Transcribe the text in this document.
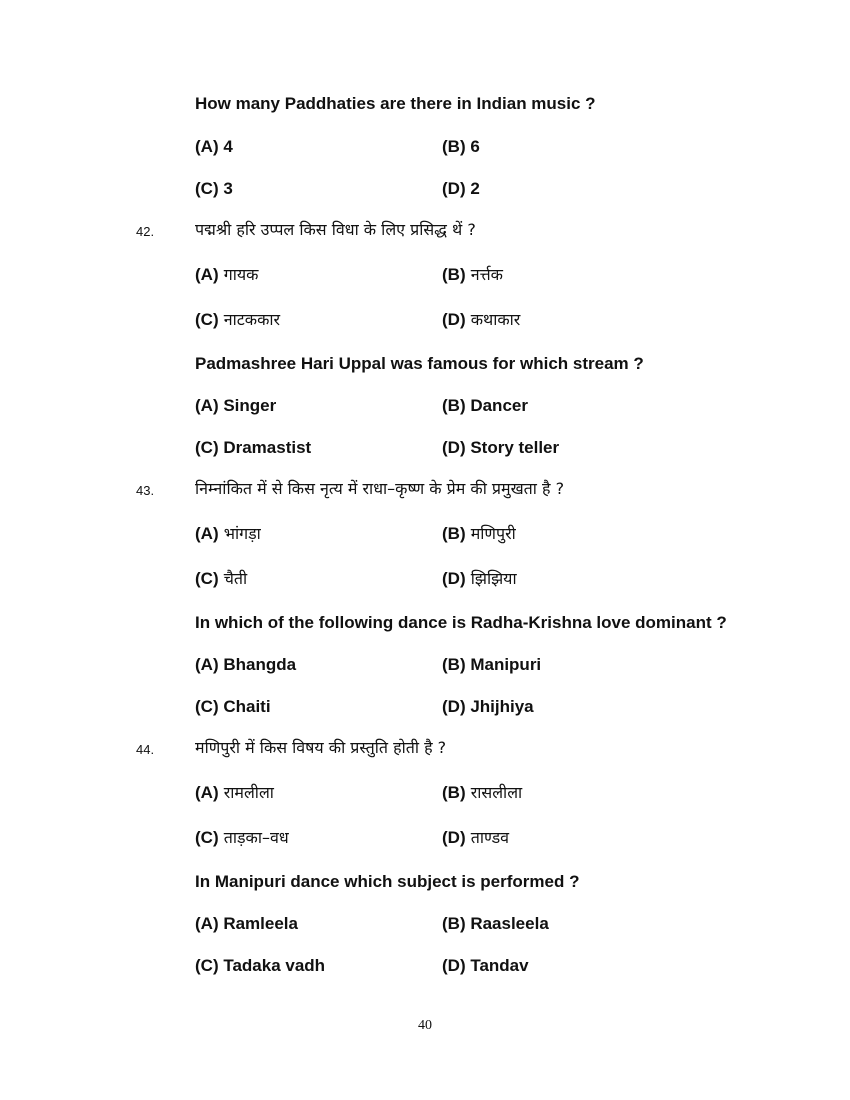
How many Paddhaties are there in Indian music ?
(A) 4	(B) 6
(C) 3	(D) 2
42.	पद्मश्री हरि उप्पल किस विधा के लिए प्रसिद्ध थें ?
(A) गायक	(B) नर्त्तक
(C) नाटककार	(D) कथाकार
Padmashree Hari Uppal was famous for which stream ?
(A) Singer	(B) Dancer
(C) Dramastist	(D) Story teller
43.	निम्नांकित में से किस नृत्य में राधा–कृष्ण के प्रेम की प्रमुखता है ?
(A) भांगड़ा	(B) मणिपुरी
(C) चैती	(D) झिझिया
In which of the following dance is Radha-Krishna love dominant ?
(A) Bhangda	(B) Manipuri
(C) Chaiti	(D) Jhijhiya
44.	मणिपुरी में किस विषय की प्रस्तुति होती है ?
(A) रामलीला	(B) रासलीला
(C) ताड़का–वध	(D) ताण्डव
In Manipuri dance which subject is performed ?
(A) Ramleela	(B) Raasleela
(C) Tadaka vadh	(D) Tandav
40
